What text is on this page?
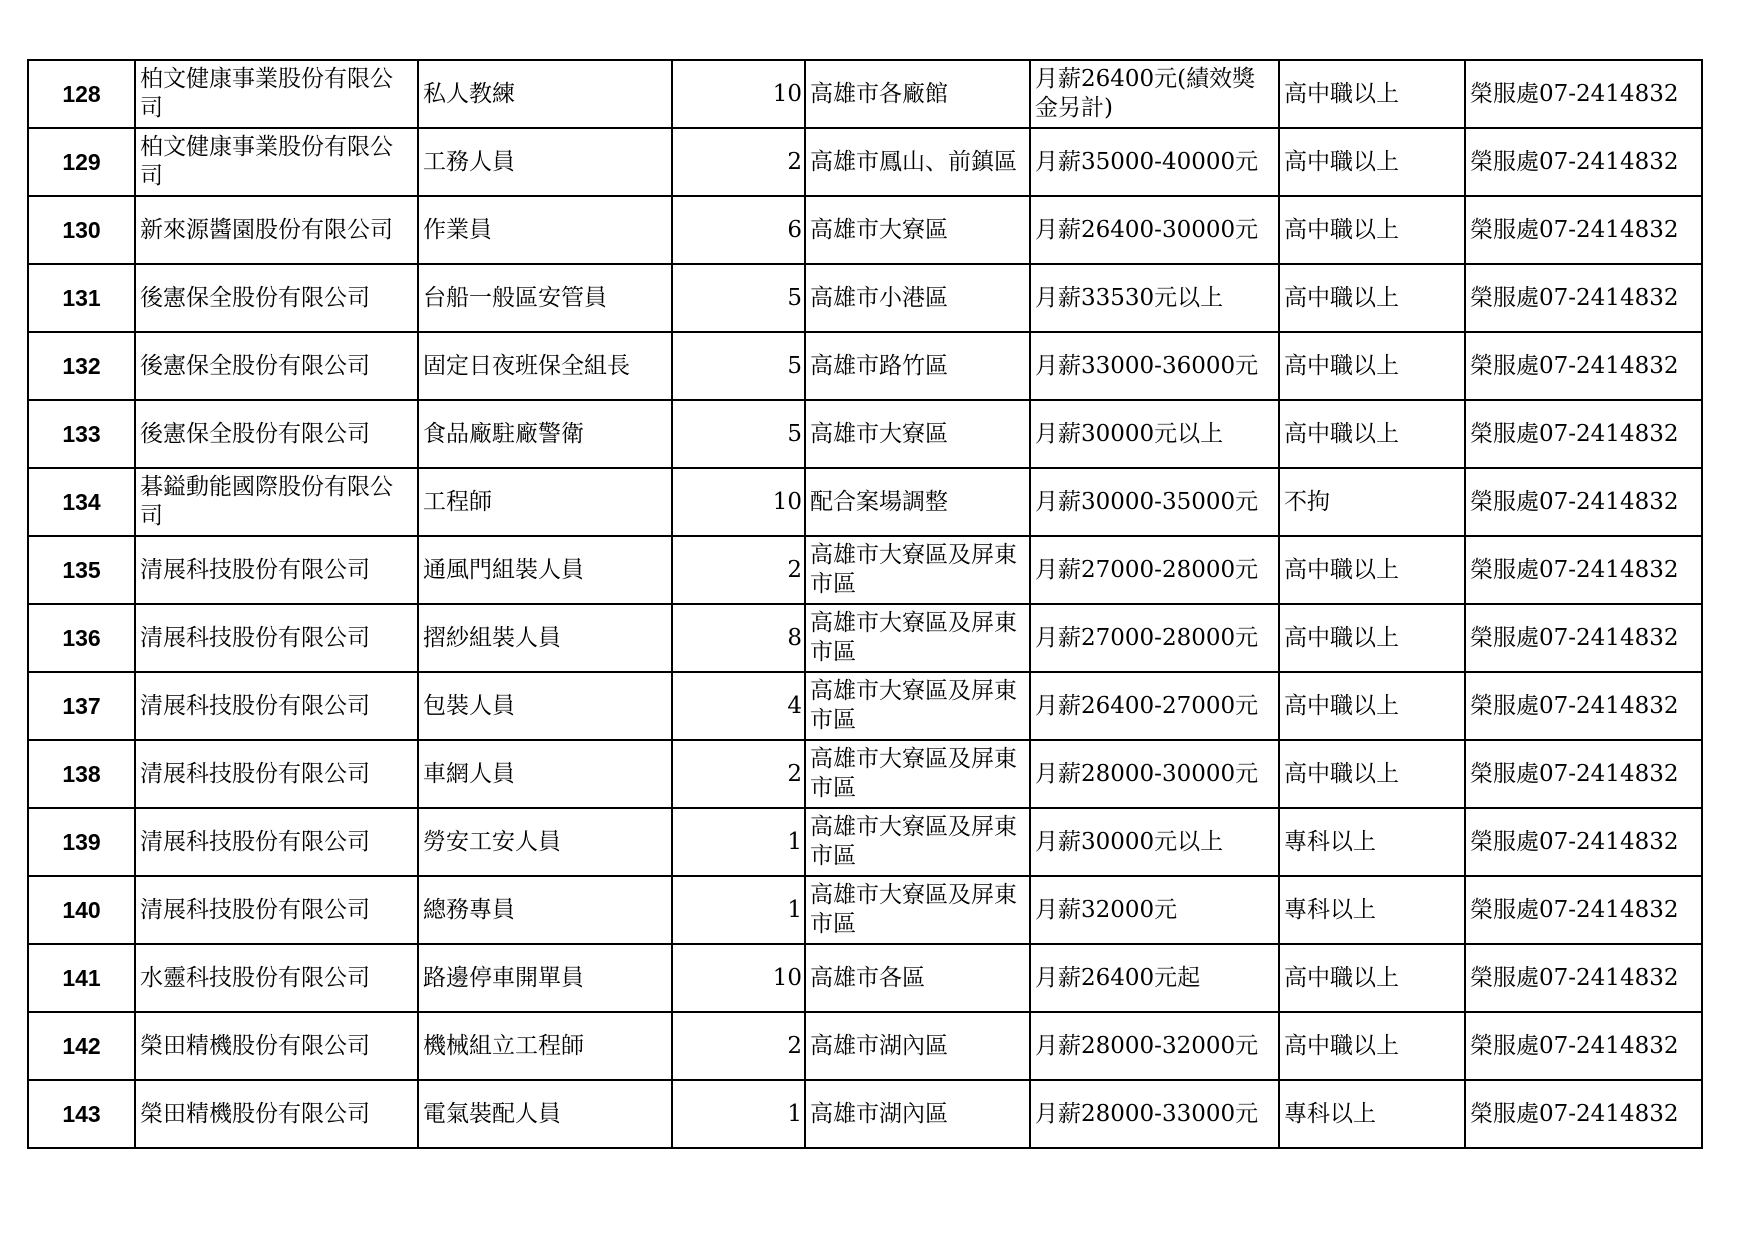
128	柏文健康事業股份有限公司	私人教練	10	高雄市各廠館	月薪26400元(績效獎金另計)	高中職以上	榮服處07-2414832
129	柏文健康事業股份有限公司	工務人員	2	高雄市鳳山、前鎮區	月薪35000-40000元	高中職以上	榮服處07-2414832
130	新來源醬園股份有限公司	作業員	6	高雄市大寮區	月薪26400-30000元	高中職以上	榮服處07-2414832
131	後憲保全股份有限公司	台船一般區安管員	5	高雄市小港區	月薪33530元以上	高中職以上	榮服處07-2414832
132	後憲保全股份有限公司	固定日夜班保全組長	5	高雄市路竹區	月薪33000-36000元	高中職以上	榮服處07-2414832
133	後憲保全股份有限公司	食品廠駐廠警衛	5	高雄市大寮區	月薪30000元以上	高中職以上	榮服處07-2414832
134	碁鎰動能國際股份有限公司	工程師	10	配合案場調整	月薪30000-35000元	不拘	榮服處07-2414832
135	清展科技股份有限公司	通風門組裝人員	2	高雄市大寮區及屏東市區	月薪27000-28000元	高中職以上	榮服處07-2414832
136	清展科技股份有限公司	摺紗組裝人員	8	高雄市大寮區及屏東市區	月薪27000-28000元	高中職以上	榮服處07-2414832
137	清展科技股份有限公司	包裝人員	4	高雄市大寮區及屏東市區	月薪26400-27000元	高中職以上	榮服處07-2414832
138	清展科技股份有限公司	車網人員	2	高雄市大寮區及屏東市區	月薪28000-30000元	高中職以上	榮服處07-2414832
139	清展科技股份有限公司	勞安工安人員	1	高雄市大寮區及屏東市區	月薪30000元以上	專科以上	榮服處07-2414832
140	清展科技股份有限公司	總務專員	1	高雄市大寮區及屏東市區	月薪32000元	專科以上	榮服處07-2414832
141	水靈科技股份有限公司	路邊停車開單員	10	高雄市各區	月薪26400元起	高中職以上	榮服處07-2414832
142	榮田精機股份有限公司	機械組立工程師	2	高雄市湖內區	月薪28000-32000元	高中職以上	榮服處07-2414832
143	榮田精機股份有限公司	電氣裝配人員	1	高雄市湖內區	月薪28000-33000元	專科以上	榮服處07-2414832
